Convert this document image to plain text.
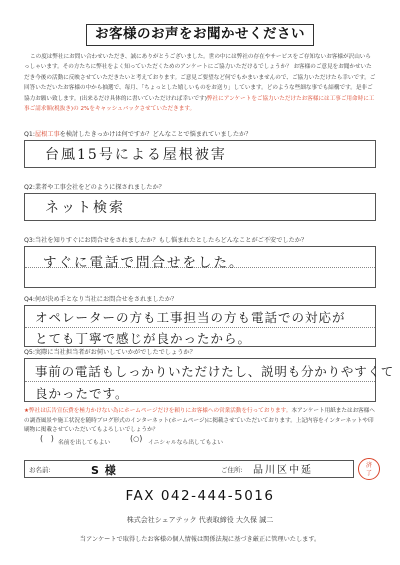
お客様のお声をお聞かせください
この度は弊社にお問い合わせいただき、誠にありがとうございました。世の中には弊社の存在やサービスをご存知ないお客様が沢山いらっしゃいます。その方たちに弊社をよく知っていただくためのアンケートにご協力いただけるでしょうか？ お客様のご意見をお聞かせいただき今後の活動に反映させていただきたいと考えております。ご意見ご要望など何でもかまいませんので、ご協力いただけたら幸いです。ご回答いただいたお客様の中から抽選で、毎月、「ちょっとした嬉しいものをお送り」しています。どのような些細な事でも結構です。是非ご協力お願い致します。(出来るだけ具体的に書いていただければ幸いです)弊社にアンケートをご協力いただけたお客様には工事ご用命時に工事ご請求額(税抜き)の 2%をキャッシュバックさせていただきます。
Q1:屋根工事を検討したきっかけは何ですか？どんなことで悩まれていましたか？
台風15号による屋根被害
Q2:業者や工事会社をどのように探されましたか？
ネット検索
Q3:当社を知りすぐにお問合せをされましたか？もし悩まれたとしたらどんなことがご不安でしたか？
すぐに電話で問合せをした。
Q4:何が決め手となり当社にお問合せをされましたか？
オペレーターの方も工事担当の方も電話での対応が
とても丁寧で感じが良かったから。
Q5:実際に当社担当者がお伺いしていかがでしたでしょうか？
事前の電話もしっかりいただけたし、説明も分かりやすくて
良かったです。
★弊社は広告宣伝費を極力かけない為にホームページだけを頼りにお客様への営業活動を行っております。本アンケート用紙またはお客様への調査風景や施工状況を随時ブログ形式のインターネット(ホームページ)に掲載させていただいております。上記内容をインターネットや印刷物に掲載させていただいてもよろしいでしょうか？
(   ) 名前を出してもよい (○) イニシャルなら出してもよい
お名前:	S 様	ご住所: 品川区中延	済
了
FAX 042-444-5016
株式会社シェアテック 代表取締役 大久保 誠二
当アンケートで取得したお客様の個人情報は関係法規に基づき厳正に管理いたします。
